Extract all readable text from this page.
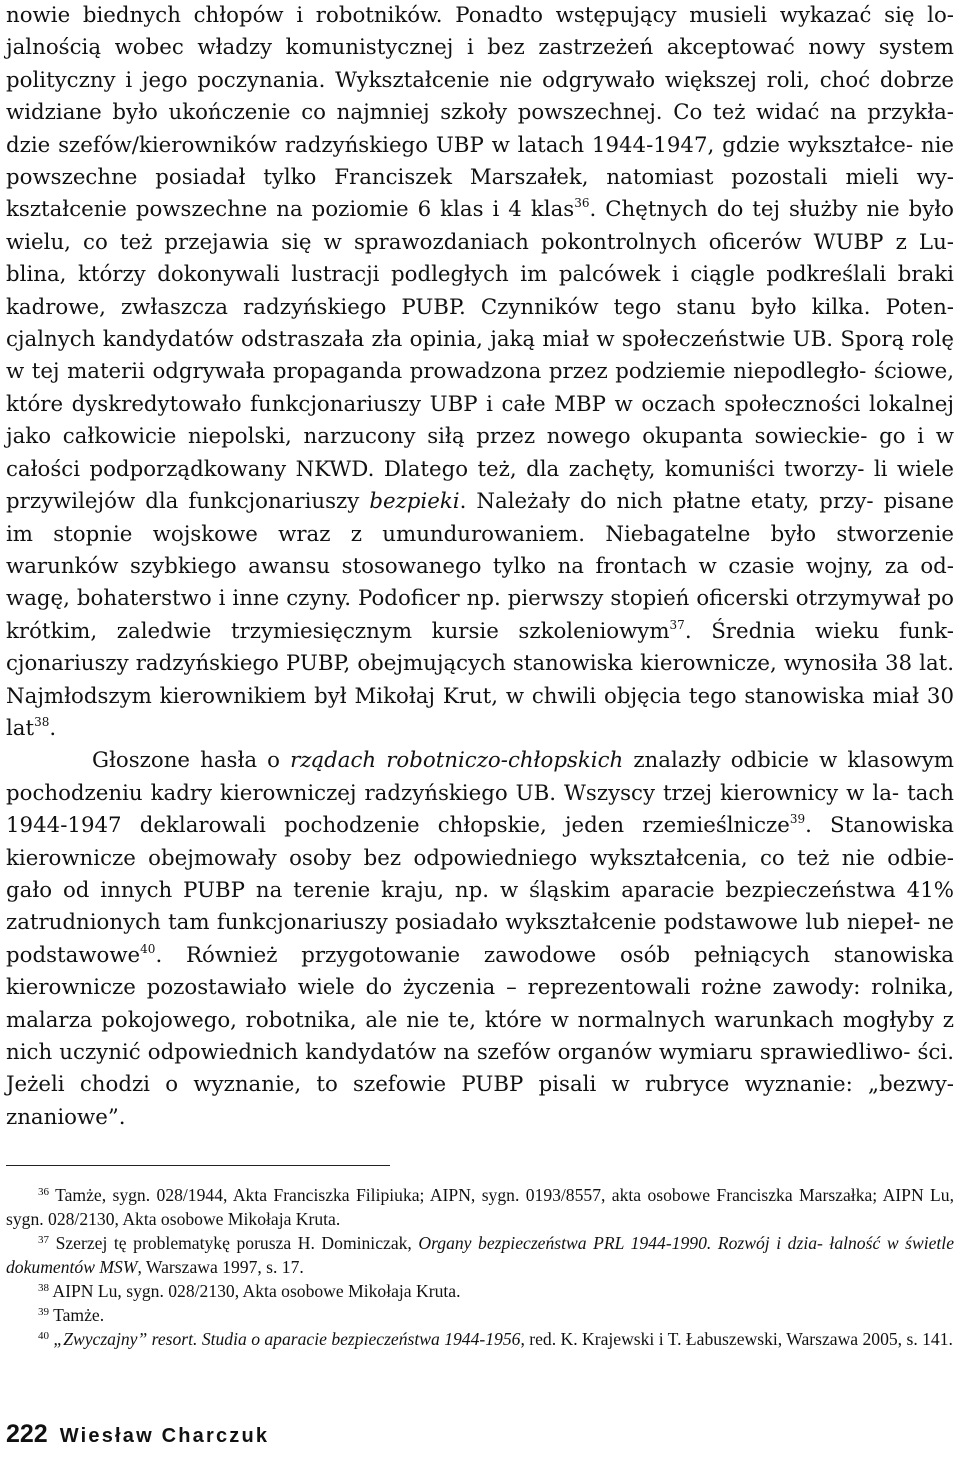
nowie biednych chłopów i robotników. Ponadto wstępujący musieli wykazać się lo- jalnością wobec władzy komunistycznej i bez zastrzeżeń akceptować nowy system polityczny i jego poczynania. Wykształcenie nie odgrywało większej roli, choć dobrze widziane było ukończenie co najmniej szkoły powszechnej. Co też widać na przykła- dzie szefów/kierowników radzyńskiego UBP w latach 1944-1947, gdzie wykształce- nie powszechne posiadał tylko Franciszek Marszałek, natomiast pozostali mieli wy- kształcenie powszechne na poziomie 6 klas i 4 klas$^{36}$. Chętnych do tej służby nie było wielu, co też przejawia się w sprawozdaniach pokontrolnych oficerów WUBP z Lu- blina, którzy dokonywali lustracji podległych im palcówek i ciągle podkreślali braki kadrowe, zwłaszcza radzyńskiego PUBP. Czynników tego stanu było kilka. Poten- cjalnych kandydatów odstraszała zła opinia, jaką miał w społeczeństwie UB. Sporą rolę w tej materii odgrywała propaganda prowadzona przez podziemie niepodległo- ściowe, które dyskredytowało funkcjonariuszy UBP i całe MBP w oczach społeczności lokalnej jako całkowicie niepolski, narzucony siłą przez nowego okupanta sowieckie- go i w całości podporządkowany NKWD. Dlatego też, dla zachęty, komuniści tworzy- li wiele przywilejów dla funkcjonariuszy bezpieki. Należały do nich płatne etaty, przy- pisane im stopnie wojskowe wraz z umundurowaniem. Niebagatelne było stworzenie warunków szybkiego awansu stosowanego tylko na frontach w czasie wojny, za od- wagę, bohaterstwo i inne czyny. Podoficer np. pierwszy stopień oficerski otrzymywał po krótkim, zaledwie trzymiesięcznym kursie szkoleniowym$^{37}$. Średnia wieku funk- cjonariuszy radzyńskiego PUBP, obejmujących stanowiska kierownicze, wynosiła 38 lat. Najmłodszym kierownikiem był Mikołaj Krut, w chwili objęcia tego stanowiska miał 30 lat$^{38}$.

Głoszone hasła o rządach robotniczo-chłopskich znalazły odbicie w klasowym pochodzeniu kadry kierowniczej radzyńskiego UB. Wszyscy trzej kierownicy w la- tach 1944-1947 deklarowali pochodzenie chłopskie, jeden rzemieślnicze$^{39}$. Stanowiska kierownicze obejmowały osoby bez odpowiedniego wykształcenia, co też nie odbie- gało od innych PUBP na terenie kraju, np. w śląskim aparacie bezpieczeństwa 41% zatrudnionych tam funkcjonariuszy posiadało wykształcenie podstawowe lub niepeł- ne podstawowe$^{40}$. Również przygotowanie zawodowe osób pełniących stanowiska kierownicze pozostawiało wiele do życzenia – reprezentowali rożne zawody: rolnika, malarza pokojowego, robotnika, ale nie te, które w normalnych warunkach mogłyby z nich uczynić odpowiednich kandydatów na szefów organów wymiaru sprawiedliwo- ści. Jeżeli chodzi o wyznanie, to szefowie PUBP pisali w rubryce wyznanie: „bezwy- znaniowe”.

$^{36}$ Tamże, sygn. 028/1944, Akta Franciszka Filipiuka; AIPN, sygn. 0193/8557, akta osobowe Franciszka Marszałka; AIPN Lu, sygn. 028/2130, Akta osobowe Mikołaja Kruta.

$^{37}$ Szerzej tę problematykę porusza H. Dominiczak, Organy bezpieczeństwa PRL 1944-1990. Rozwój i dzia- łalność w świetle dokumentów MSW, Warszawa 1997, s. 17.

$^{38}$ AIPN Lu, sygn. 028/2130, Akta osobowe Mikołaja Kruta.

$^{39}$ Tamże.

$^{40}$ „Zwyczajny” resort. Studia o aparacie bezpieczeństwa 1944-1956, red. K. Krajewski i T. Łabuszewski, Warszawa 2005, s. 141.

222 Wiesław Charczuk
